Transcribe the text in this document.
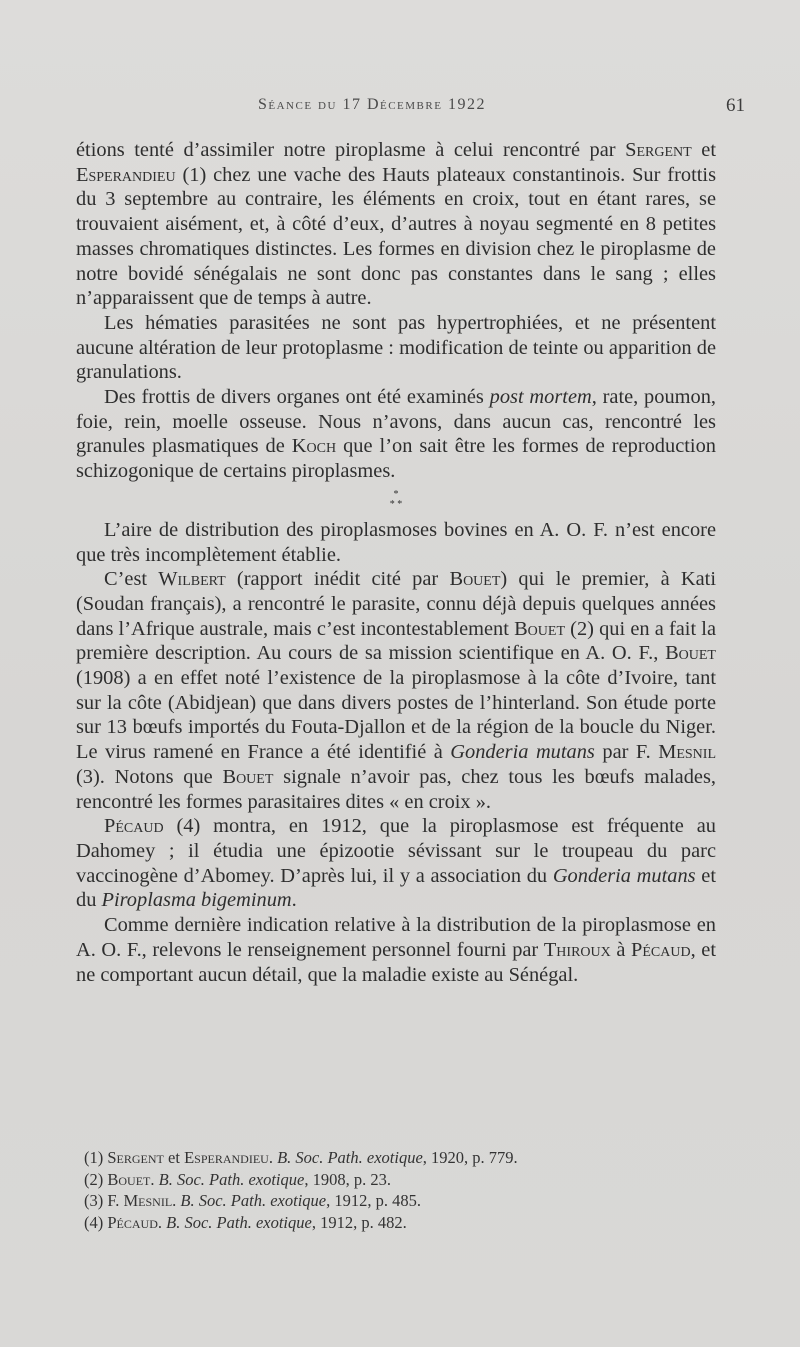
Séance du 17 Décembre 1922	61

étions tenté d’assimiler notre piroplasme à celui rencontré par Sergent et Esperandieu (1) chez une vache des Hauts plateaux constantinois. Sur frottis du 3 septembre au contraire, les éléments en croix, tout en étant rares, se trouvaient aisément, et, à côté d’eux, d’autres à noyau segmenté en 8 petites masses chromatiques distinctes. Les formes en division chez le piroplasme de notre bovidé sénégalais ne sont donc pas constantes dans le sang ; elles n’apparaissent que de temps à autre.

Les hématies parasitées ne sont pas hypertrophiées, et ne présentent aucune altération de leur protoplasme : modification de teinte ou apparition de granulations.

Des frottis de divers organes ont été examinés post mortem, rate, poumon, foie, rein, moelle osseuse. Nous n’avons, dans aucun cas, rencontré les granules plasmatiques de Koch que l’on sait être les formes de reproduction schizogonique de certains piroplasmes.

*
* *

L’aire de distribution des piroplasmoses bovines en A. O. F. n’est encore que très incomplètement établie.

C’est Wilbert (rapport inédit cité par Bouet) qui le premier, à Kati (Soudan français), a rencontré le parasite, connu déjà depuis quelques années dans l’Afrique australe, mais c’est incontestablement Bouet (2) qui en a fait la première description. Au cours de sa mission scientifique en A. O. F., Bouet (1908) a en effet noté l’existence de la piroplasmose à la côte d’Ivoire, tant sur la côte (Abidjean) que dans divers postes de l’hinterland. Son étude porte sur 13 bœufs importés du Fouta-Djallon et de la région de la boucle du Niger. Le virus ramené en France a été identifié à Gonderia mutans par F. Mesnil (3). Notons que Bouet signale n’avoir pas, chez tous les bœufs malades, rencontré les formes parasitaires dites « en croix ».

Pécaud (4) montra, en 1912, que la piroplasmose est fréquente au Dahomey ; il étudia une épizootie sévissant sur le troupeau du parc vaccinogène d’Abomey. D’après lui, il y a association du Gonderia mutans et du Piroplasma bigeminum.

Comme dernière indication relative à la distribution de la piroplasmose en A. O. F., relevons le renseignement personnel fourni par Thiroux à Pécaud, et ne comportant aucun détail, que la maladie existe au Sénégal.

(1) Sergent et Esperandieu. B. Soc. Path. exotique, 1920, p. 779.
(2) Bouet. B. Soc. Path. exotique, 1908, p. 23.
(3) F. Mesnil. B. Soc. Path. exotique, 1912, p. 485.
(4) Pécaud. B. Soc. Path. exotique, 1912, p. 482.
